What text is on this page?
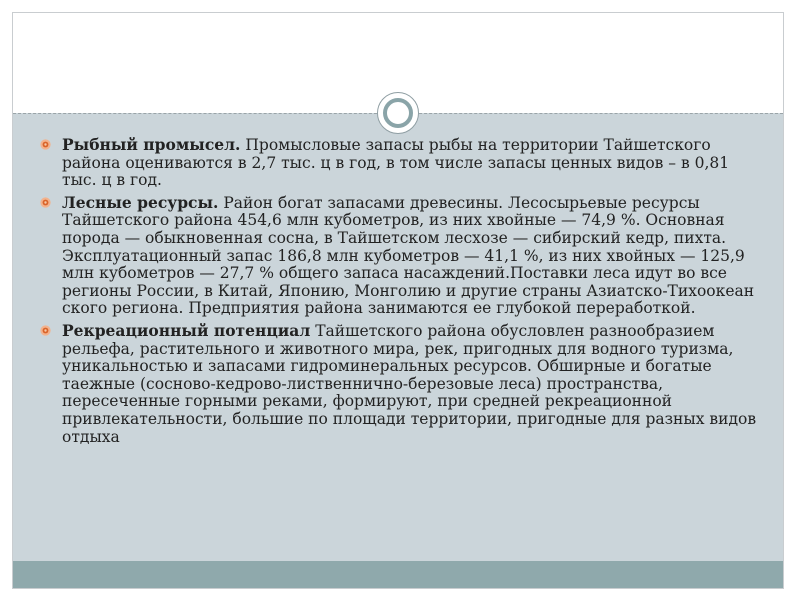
Рыбный промысел. Промысловые запасы рыбы на территории Тайшетского района оцениваются в 2,7 тыс. ц в год, в том числе запасы ценных видов – в 0,81 тыс. ц в год.
Лесные ресурсы. Район богат запасами древесины. Лесосырьевые ресурсы Тайшетского района 454,6 млн кубометров, из них хвойные — 74,9 %. Основная порода — обыкновенная сосна, в Тайшетском лесхозе — сибирский кедр, пихта. Эксплуатационный запас 186,8 млн кубометров — 41,1 %, из них хвойных — 125,9 млн кубометров — 27,7 % общего запаса насаждений.Поставки леса идут во все регионы России, в Китай, Японию, Монголию и другие страны Азиатско-Тихоокеан ского региона. Предприятия района занимаются ее глубокой переработкой.
Рекреационный потенциал Тайшетского района обусловлен разнообразием рельефа, растительного и животного мира, рек, пригодных для водного туризма, уникальностью и запасами гидроминеральных ресурсов. Обширные и богатые таежные (сосново-кедрово-лиственнично-березовые леса) пространства, пересеченные горными реками, формируют, при средней рекреационной привлекательности, большие по площади территории, пригодные для разных видов отдыха
